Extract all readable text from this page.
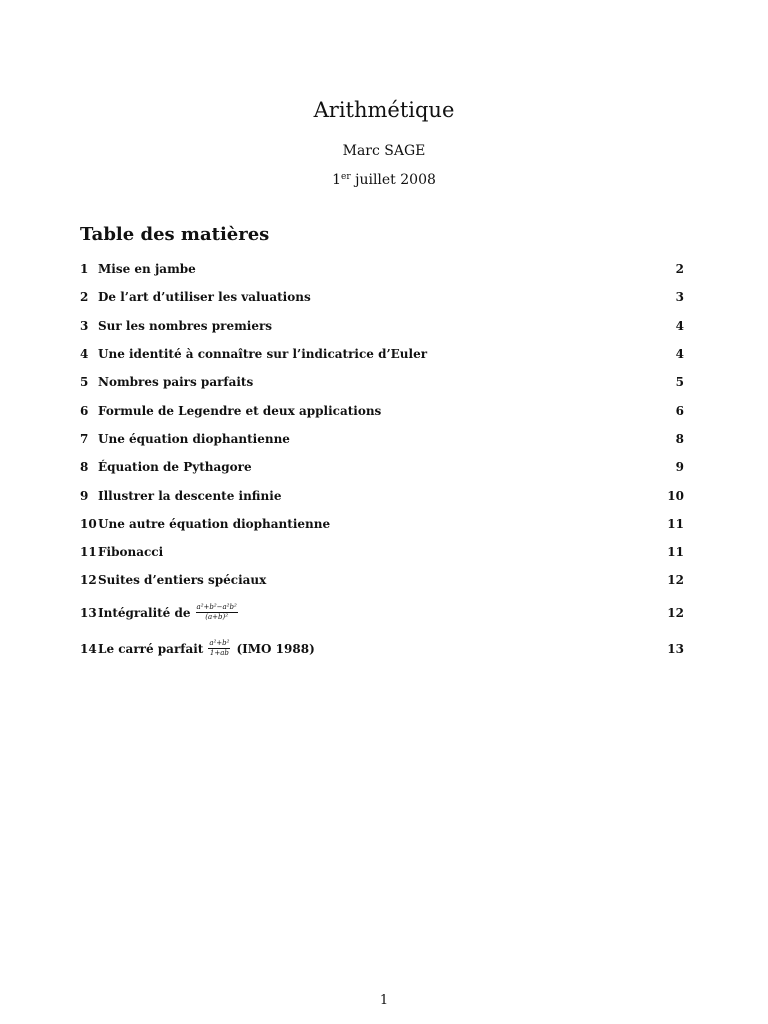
Arithmétique
Marc SAGE
1er juillet 2008
Table des matières
1 Mise en jambe	2
2 De l’art d’utiliser les valuations	3
3 Sur les nombres premiers	4
4 Une identité à connaître sur l’indicatrice d’Euler	4
5 Nombres pairs parfaits	5
6 Formule de Legendre et deux applications	6
7 Une équation diophantienne	8
8 Équation de Pythagore	9
9 Illustrer la descente infinie	10
10 Une autre équation diophantienne	11
11 Fibonacci	11
12 Suites d’entiers spéciaux	12
13 Intégralité de $\frac{\text{a²+b²−a²b²}}{\text{(a+b)²}}$	12
14 Le carré parfait $\frac{\text{a²+b²}}{1+ab} (IMO$ 1988)	13
1
